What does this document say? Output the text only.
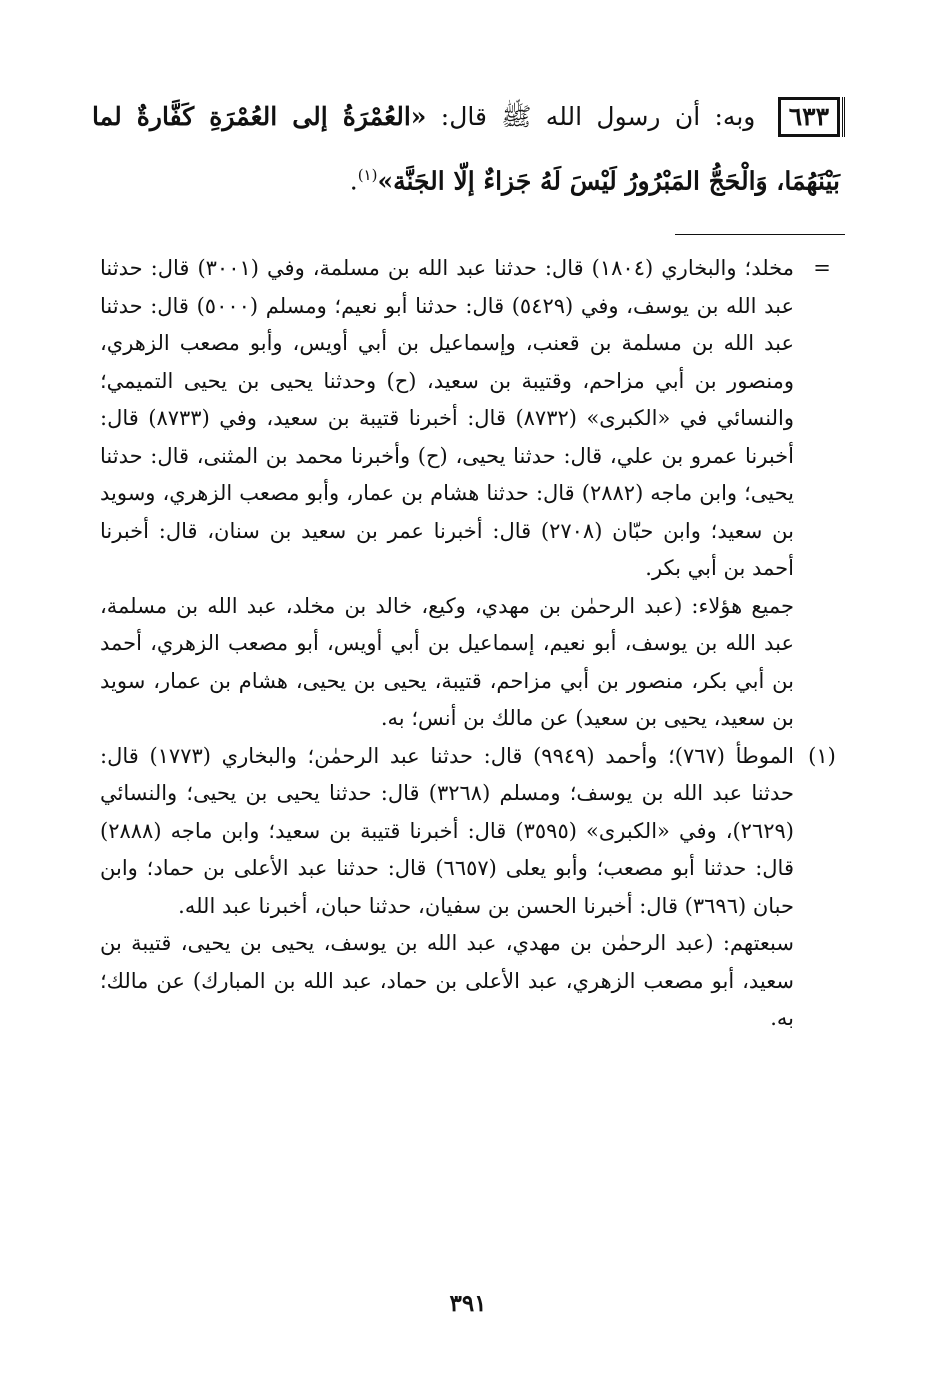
٦٣٣ وبه: أن رسول الله ﷺ قال: «العُمْرَةُ إلى العُمْرَةِ كَفَّارةٌ لما بَيْنَهُمَا، وَالْحَجُّ المَبْرُورُ لَيْسَ لَهُ جَزاءٌ إلّا الجَنَّة»$^{(١)}$.
=

مخلد؛ والبخاري (١٨٠٤) قال: حدثنا عبد الله بن مسلمة، وفي (٣٠٠١) قال: حدثنا عبد الله بن يوسف، وفي (٥٤٢٩) قال: حدثنا أبو نعيم؛ ومسلم (٥٠٠٠) قال: حدثنا عبد الله بن مسلمة بن قعنب، وإسماعيل بن أبي أويس، وأبو مصعب الزهري، ومنصور بن أبي مزاحم، وقتيبة بن سعيد، (ح) وحدثنا يحيى بن يحيى التميمي؛ والنسائي في «الكبرى» (٨٧٣٢) قال: أخبرنا قتيبة بن سعيد، وفي (٨٧٣٣) قال: أخبرنا عمرو بن علي، قال: حدثنا يحيى، (ح) وأخبرنا محمد بن المثنى، قال: حدثنا يحيى؛ وابن ماجه (٢٨٨٢) قال: حدثنا هشام بن عمار، وأبو مصعب الزهري، وسويد بن سعيد؛ وابن حبّان (٢٧٠٨) قال: أخبرنا عمر بن سعيد بن سنان، قال: أخبرنا أحمد بن أبي بكر.

جميع هؤلاء: (عبد الرحمٰن بن مهدي، وكيع، خالد بن مخلد، عبد الله بن مسلمة، عبد الله بن يوسف، أبو نعيم، إسماعيل بن أبي أويس، أبو مصعب الزهري، أحمد بن أبي بكر، منصور بن أبي مزاحم، قتيبة، يحيى بن يحيى، هشام بن عمار، سويد بن سعيد، يحيى بن سعيد) عن مالك بن أنس؛ به.

(١)

الموطأ (٧٦٧)؛ وأحمد (٩٩٤٩) قال: حدثنا عبد الرحمٰن؛ والبخاري (١٧٧٣) قال: حدثنا عبد الله بن يوسف؛ ومسلم (٣٢٦٨) قال: حدثنا يحيى بن يحيى؛ والنسائي (٢٦٢٩)، وفي «الكبرى» (٣٥٩٥) قال: أخبرنا قتيبة بن سعيد؛ وابن ماجه (٢٨٨٨) قال: حدثنا أبو مصعب؛ وأبو يعلى (٦٦٥٧) قال: حدثنا عبد الأعلى بن حماد؛ وابن حبان (٣٦٩٦) قال: أخبرنا الحسن بن سفيان، حدثنا حبان، أخبرنا عبد الله.

سبعتهم: (عبد الرحمٰن بن مهدي، عبد الله بن يوسف، يحيى بن يحيى، قتيبة بن سعيد، أبو مصعب الزهري، عبد الأعلى بن حماد، عبد الله بن المبارك) عن مالك؛ به.

٣٩١
